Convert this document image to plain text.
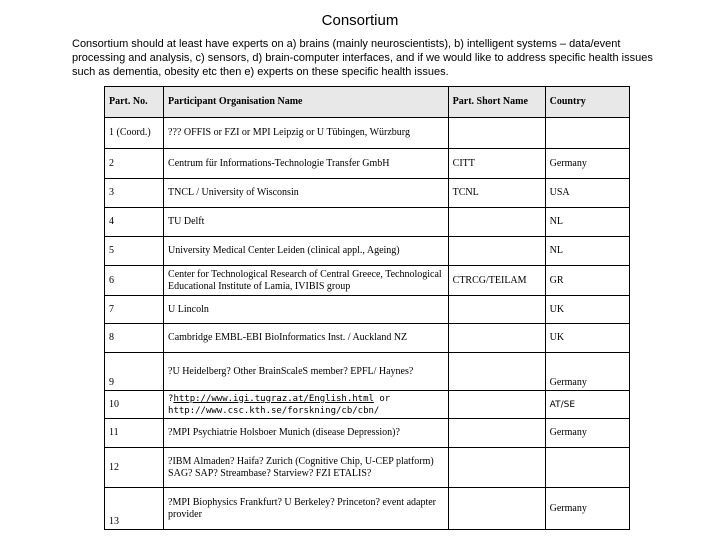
Consortium
Consortium should at least have experts on a) brains (mainly neuroscientists), b) intelligent systems – data/event processing and analysis, c) sensors, d) brain-computer interfaces, and if we would like to address specific health issues such as dementia, obesity etc then e) experts on these specific health issues.
Part. No.	Participant Organisation Name	Part. Short Name	Country
1 (Coord.)	??? OFFIS or FZI or MPI Leipzig or U Tübingen, Würzburg		
2	Centrum für Informations-Technologie Transfer GmbH	CITT	Germany
3	TNCL / University of Wisconsin	TCNL	USA
4	TU Delft		NL
5	University Medical Center Leiden (clinical appl., Ageing)		NL
6	Center for Technological Research of Central Greece, Technological Educational Institute of Lamia, IVIBIS group	CTRCG/TEILAM	GR
7	U Lincoln		UK
8	Cambridge EMBL-EBI BioInformatics Inst. / Auckland NZ		UK
9	?U Heidelberg? Other BrainScaleS member? EPFL/ Haynes?		Germany
10	?http://www.igi.tugraz.at/English.html or
http://www.csc.kth.se/forskning/cb/cbn/		AT/SE
11	?MPI Psychiatrie Holsboer Munich (disease Depression)?		Germany
12	?IBM Almaden? Haifa? Zurich (Cognitive Chip, U-CEP platform) SAG? SAP? Streambase? Starview? FZI ETALIS?		
13	?MPI Biophysics Frankfurt? U Berkeley? Princeton? event adapter provider		Germany
